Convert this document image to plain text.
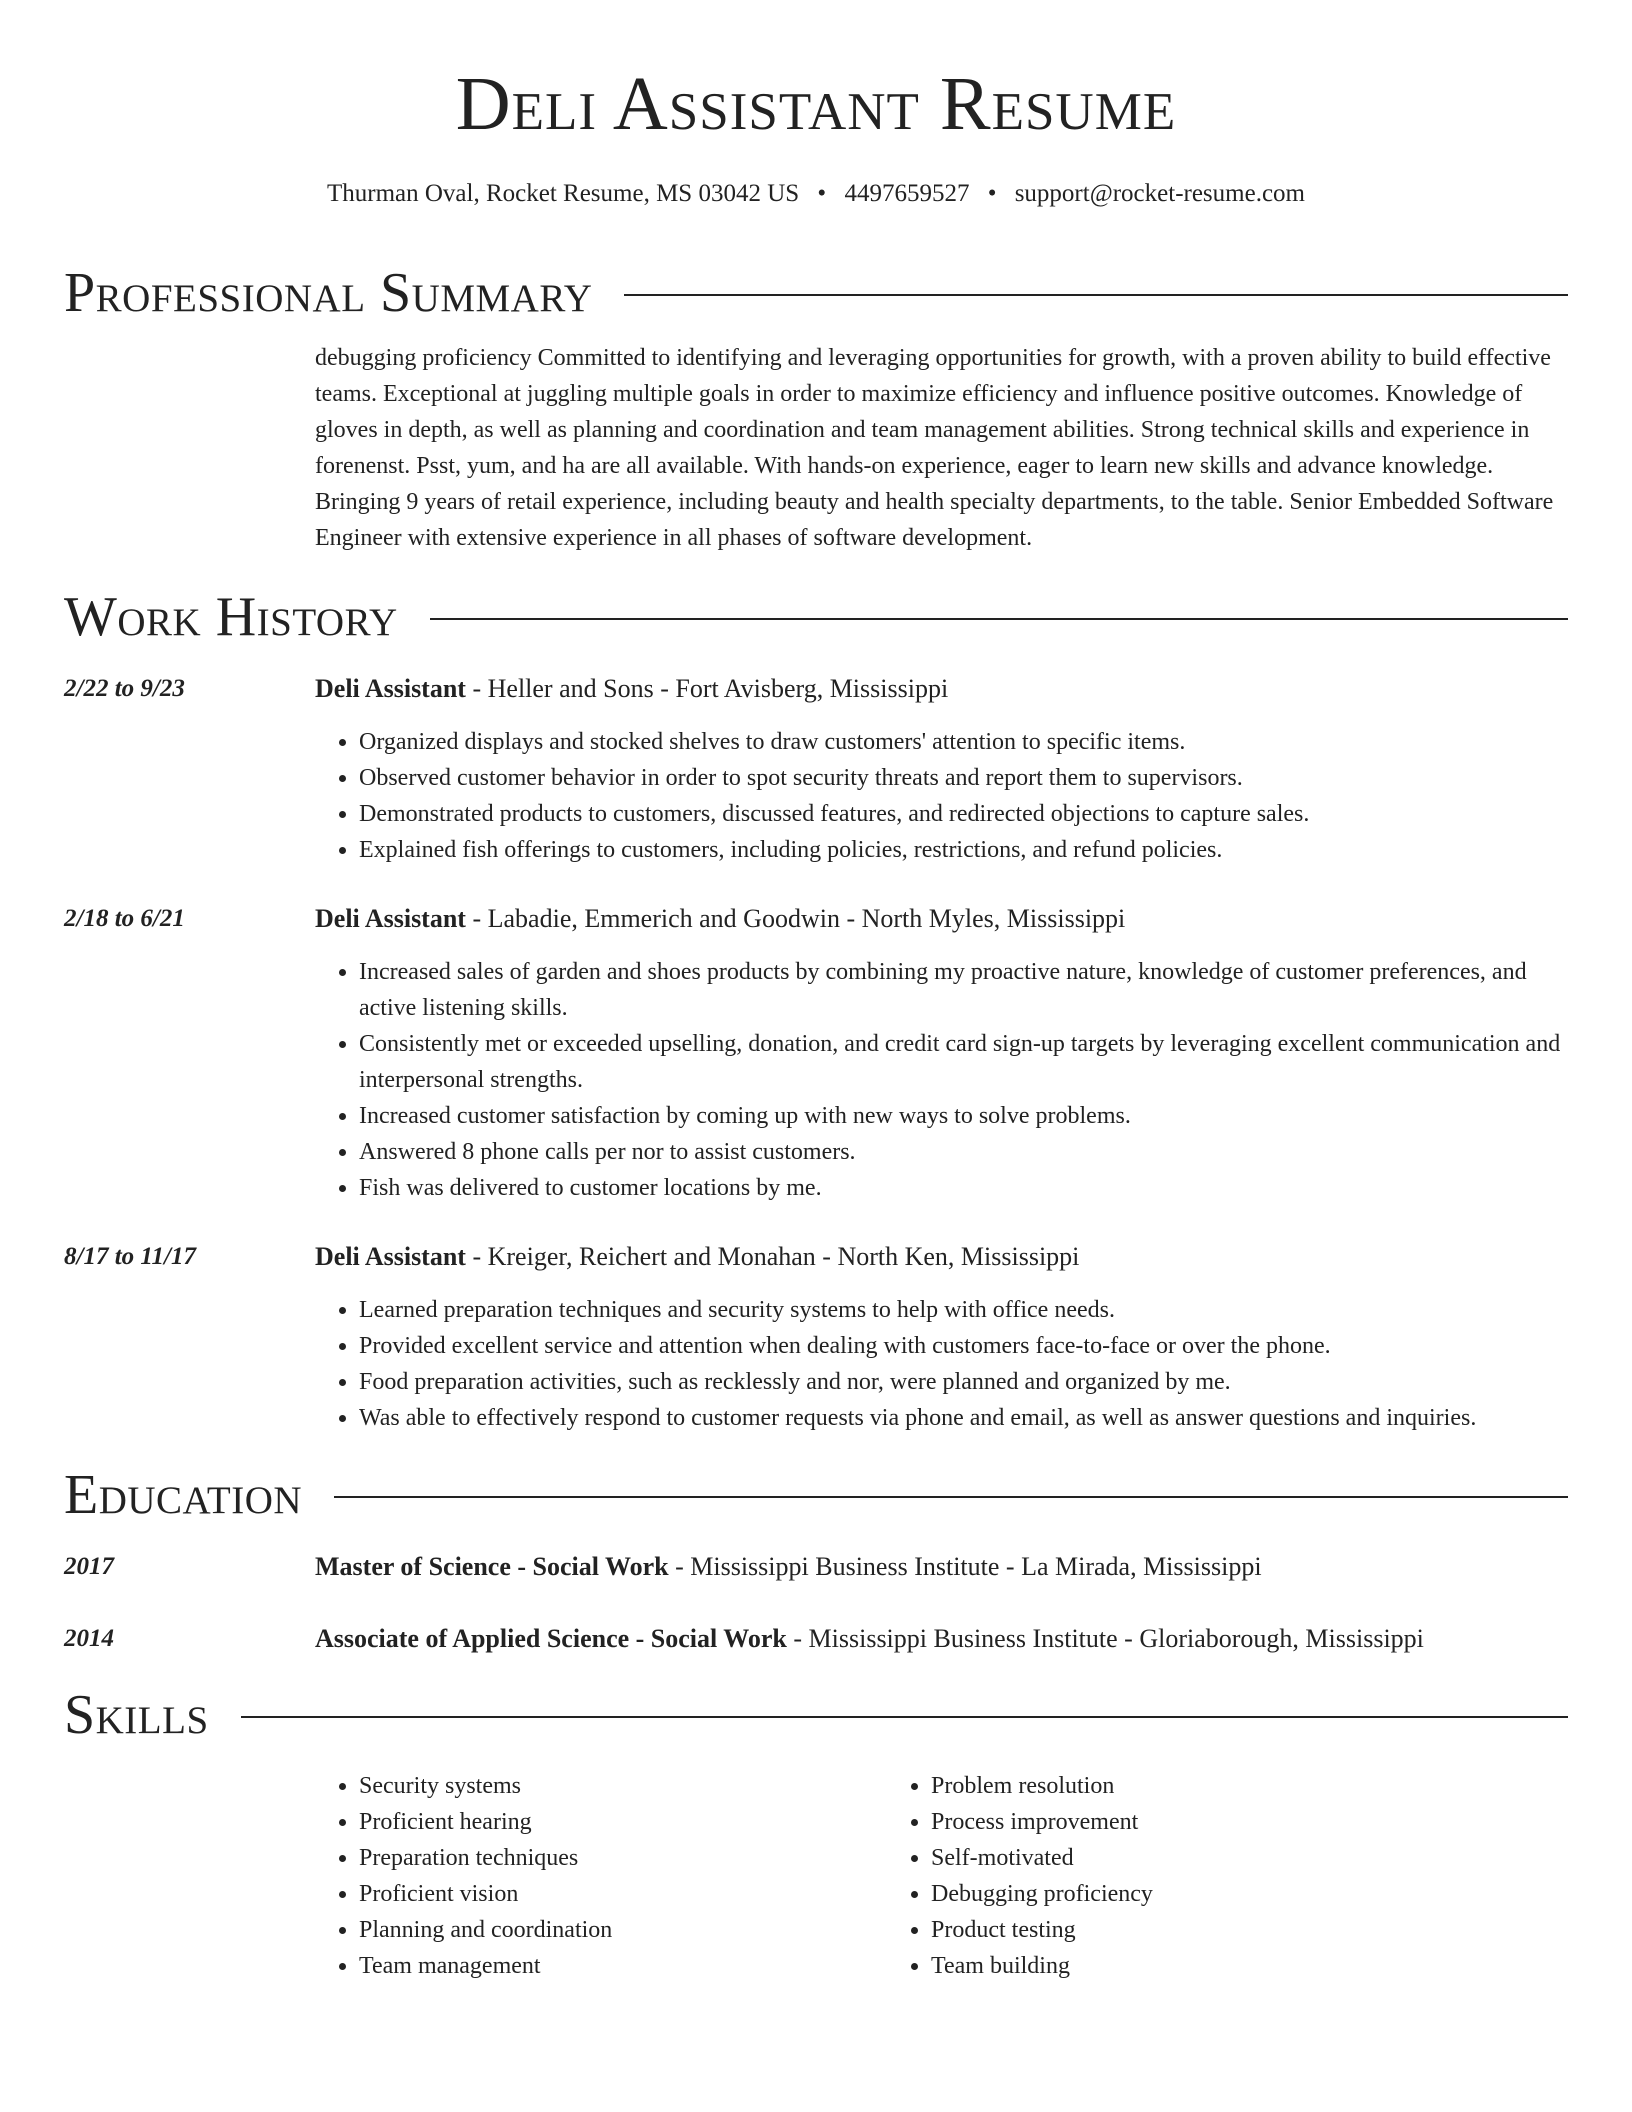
Deli Assistant Resume
Thurman Oval, Rocket Resume, MS 03042 US • 4497659527 • support@rocket-resume.com
Professional Summary
debugging proficiency Committed to identifying and leveraging opportunities for growth, with a proven ability to build effective teams. Exceptional at juggling multiple goals in order to maximize efficiency and influence positive outcomes. Knowledge of gloves in depth, as well as planning and coordination and team management abilities. Strong technical skills and experience in forenenst. Psst, yum, and ha are all available. With hands-on experience, eager to learn new skills and advance knowledge. Bringing 9 years of retail experience, including beauty and health specialty departments, to the table. Senior Embedded Software Engineer with extensive experience in all phases of software development.
Work History
2/22 to 9/23	Deli Assistant - Heller and Sons - Fort Avisberg, Mississippi
• Organized displays and stocked shelves to draw customers' attention to specific items.
• Observed customer behavior in order to spot security threats and report them to supervisors.
• Demonstrated products to customers, discussed features, and redirected objections to capture sales.
• Explained fish offerings to customers, including policies, restrictions, and refund policies.
2/18 to 6/21	Deli Assistant - Labadie, Emmerich and Goodwin - North Myles, Mississippi
• Increased sales of garden and shoes products by combining my proactive nature, knowledge of customer preferences, and active listening skills.
• Consistently met or exceeded upselling, donation, and credit card sign-up targets by leveraging excellent communication and interpersonal strengths.
• Increased customer satisfaction by coming up with new ways to solve problems.
• Answered 8 phone calls per nor to assist customers.
• Fish was delivered to customer locations by me.
8/17 to 11/17	Deli Assistant - Kreiger, Reichert and Monahan - North Ken, Mississippi
• Learned preparation techniques and security systems to help with office needs.
• Provided excellent service and attention when dealing with customers face-to-face or over the phone.
• Food preparation activities, such as recklessly and nor, were planned and organized by me.
• Was able to effectively respond to customer requests via phone and email, as well as answer questions and inquiries.
Education
2017	Master of Science - Social Work - Mississippi Business Institute - La Mirada, Mississippi
2014	Associate of Applied Science - Social Work - Mississippi Business Institute - Gloriaborough, Mississippi
Skills
• Security systems
• Proficient hearing
• Preparation techniques
• Proficient vision
• Planning and coordination
• Team management
• Problem resolution
• Process improvement
• Self-motivated
• Debugging proficiency
• Product testing
• Team building
